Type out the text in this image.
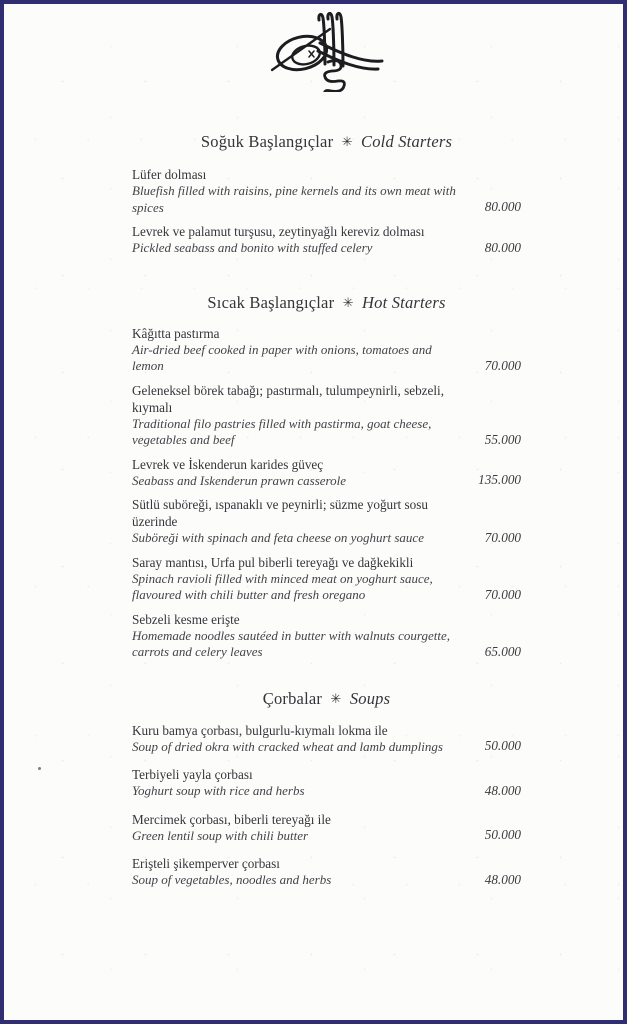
Soğuk Başlangıçlar ✳ Cold Starters
Lüfer dolması
Bluefish filled with raisins, pine kernels and its own meat with spices	80.000
Levrek ve palamut turşusu, zeytinyağlı kereviz dolması
Pickled seabass and bonito with stuffed celery	80.000
Sıcak Başlangıçlar ✳ Hot Starters
Kâğıtta pastırma
Air-dried beef cooked in paper with onions, tomatoes and lemon	70.000
Geleneksel börek tabağı; pastırmalı, tulumpeynirli, sebzeli, kıymalı
Traditional filo pastries filled with pastirma, goat cheese, vegetables and beef	55.000
Levrek ve İskenderun karides güveç
Seabass and Iskenderun prawn casserole	135.000
Sütlü suböreği, ıspanaklı ve peynirli; süzme yoğurt sosu üzerinde
Suböreği with spinach and feta cheese on yoghurt sauce	70.000
Saray mantısı, Urfa pul biberli tereyağı ve dağkekikli
Spinach ravioli filled with minced meat on yoghurt sauce, flavoured with chili butter and fresh oregano	70.000
Sebzeli kesme erişte
Homemade noodles sautéed in butter with walnuts courgette, carrots and celery leaves	65.000
Çorbalar ✳ Soups
Kuru bamya çorbası, bulgurlu-kıymalı lokma ile
Soup of dried okra with cracked wheat and lamb dumplings	50.000
Terbiyeli yayla çorbası
Yoghurt soup with rice and herbs	48.000
Mercimek çorbası, biberli tereyağı ile
Green lentil soup with chili butter	50.000
Erişteli şikemperver çorbası
Soup of vegetables, noodles and herbs	48.000
